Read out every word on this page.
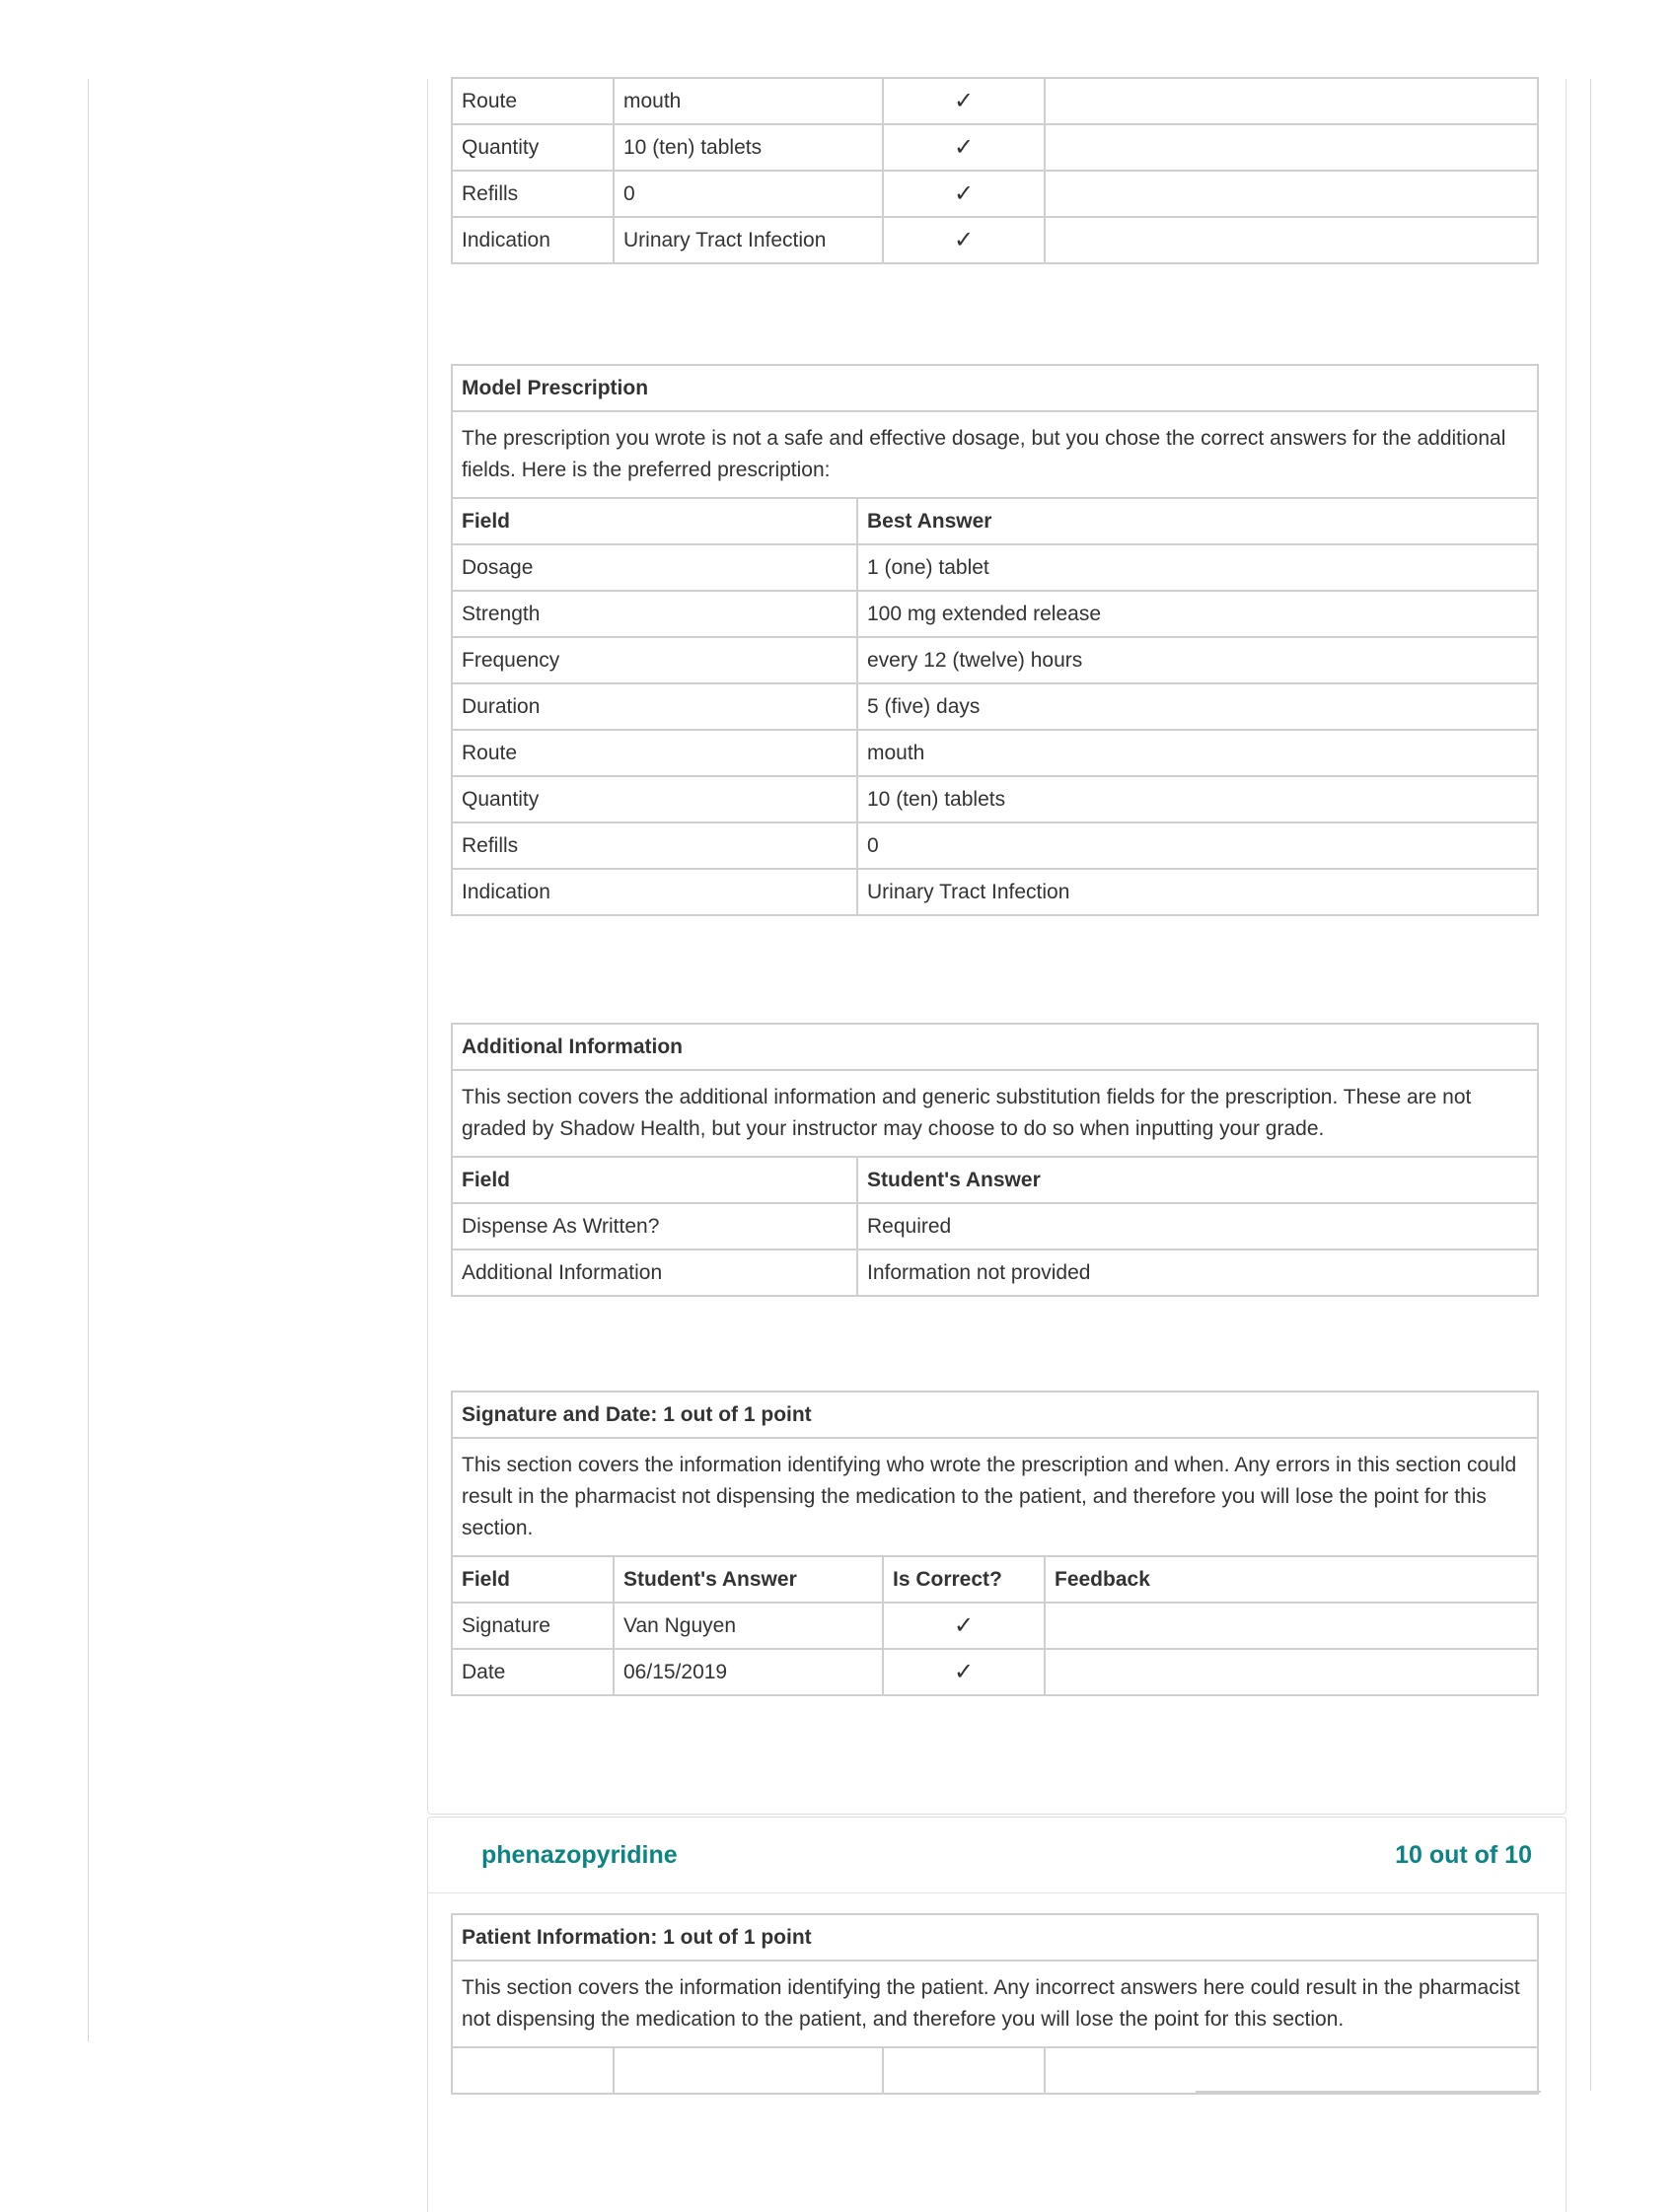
Route	mouth	✓	
Quantity	10 (ten) tablets	✓	
Refills	0	✓	
Indication	Urinary Tract Infection	✓	
Model Prescription	
The prescription you wrote is not a safe and effective dosage, but you chose the correct answers for the additional fields. Here is the preferred prescription:	
Field	Best Answer
Dosage	1 (one) tablet
Strength	100 mg extended release
Frequency	every 12 (twelve) hours
Duration	5 (five) days
Route	mouth
Quantity	10 (ten) tablets
Refills	0
Indication	Urinary Tract Infection
Additional Information	
This section covers the additional information and generic substitution fields for the prescription. These are not graded by Shadow Health, but your instructor may choose to do so when inputting your grade.	
Field	Student's Answer
Dispense As Written?	Required
Additional Information	Information not provided
Signature and Date: 1 out of 1 point			
This section covers the information identifying who wrote the prescription and when. Any errors in this section could result in the pharmacist not dispensing the medication to the patient, and therefore you will lose the point for this section.			
Field	Student's Answer	Is Correct?	Feedback
Signature	Van Nguyen	✓	
Date	06/15/2019	✓	
phenazopyridine	10 out of 10
Patient Information: 1 out of 1 point
This section covers the information identifying the patient. Any incorrect answers here could result in the pharmacist not dispensing the medication to the patient, and therefore you will lose the point for this section.
